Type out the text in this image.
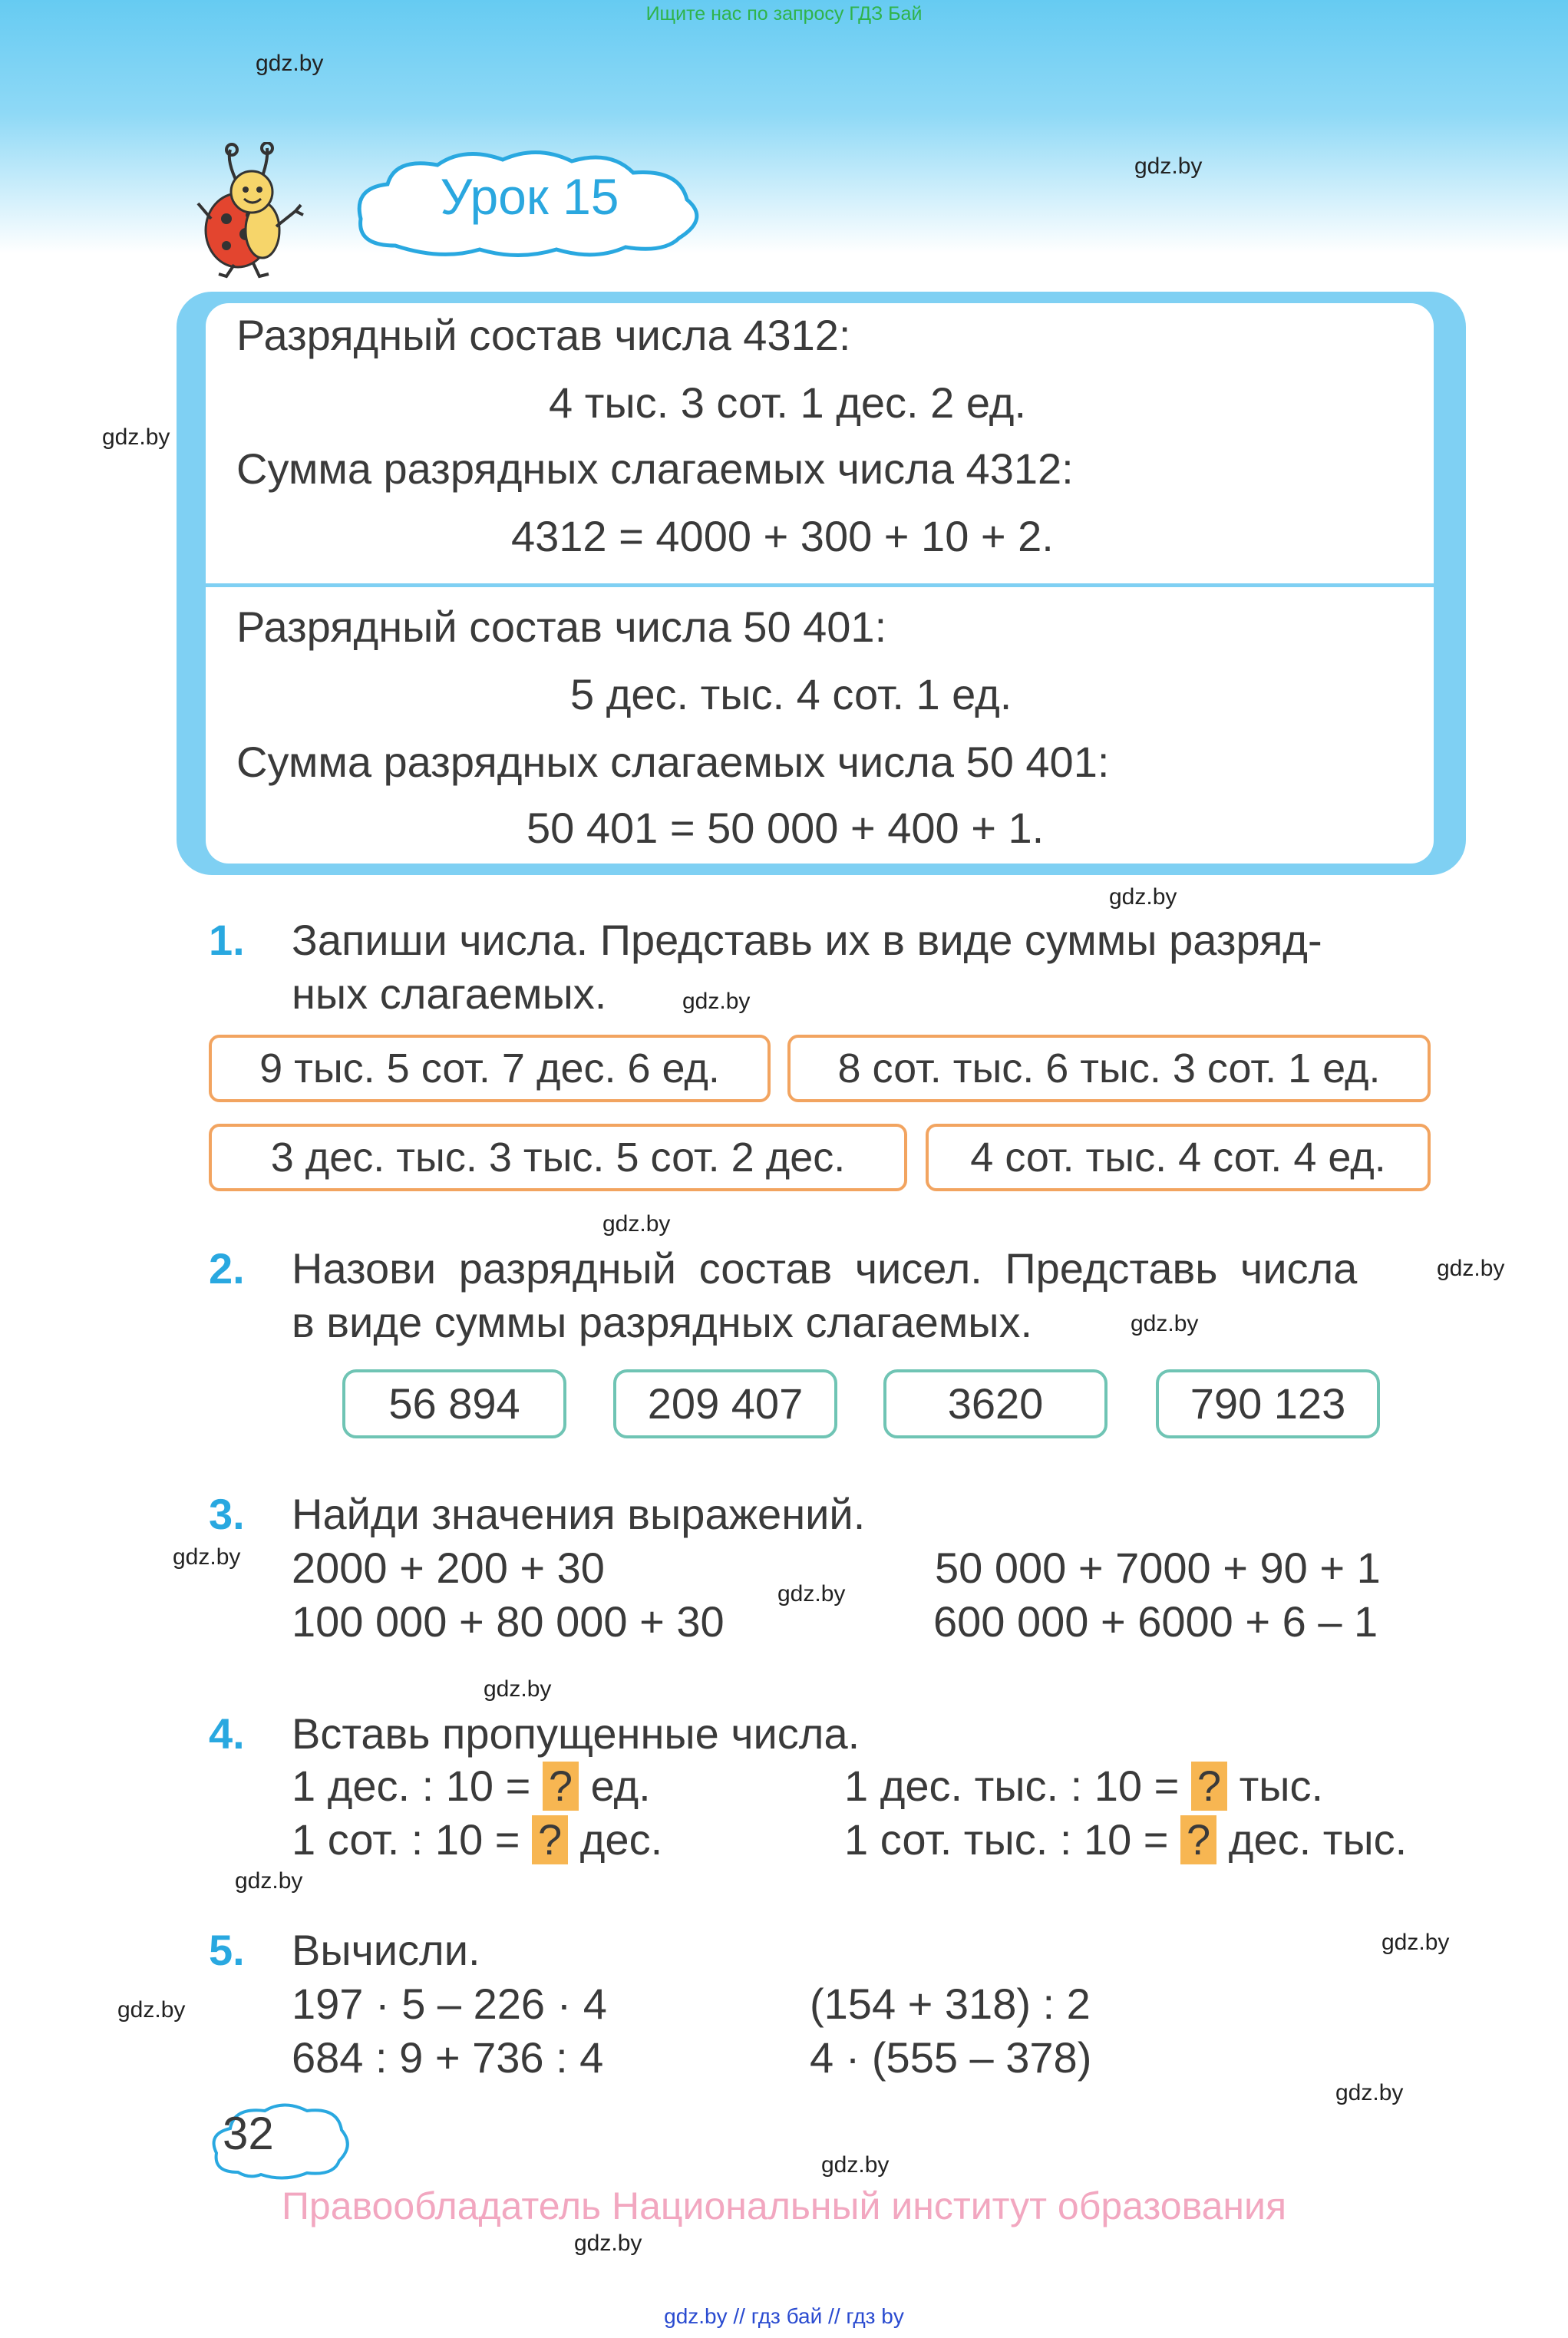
Ищите нас по запросу ГДЗ Бай
gdz.by
gdz.by
gdz.by
gdz.by
gdz.by
gdz.by
gdz.by
gdz.by
gdz.by
gdz.by
gdz.by
gdz.by
gdz.by
gdz.by
gdz.by
gdz.by
gdz.by
Урок 15
Разрядный состав числа 4312:
4 тыс. 3 сот. 1 дес. 2 ед.
Сумма разрядных слагаемых числа 4312:
4312 = 4000 + 300 + 10 + 2.
Разрядный состав числа 50 401:
5 дес. тыс. 4 сот. 1 ед.
Сумма разрядных слагаемых числа 50 401:
50 401 = 50 000 + 400 + 1.
1. Запиши числа. Представь их в виде суммы разряд-
ных слагаемых.
9 тыс. 5 сот. 7 дес. 6 ед.	8 сот. тыс. 6 тыс. 3 сот. 1 ед.
3 дес. тыс. 3 тыс. 5 сот. 2 дес.	4 сот. тыс. 4 сот. 4 ед.
2. Назови разрядный состав чисел. Представь числа
в виде суммы разрядных слагаемых.
56 894	209 407	3620	790 123
3. Найди значения выражений.
2000 + 200 + 30	50 000 + 7000 + 90 + 1
100 000 + 80 000 + 30	600 000 + 6000 + 6 – 1
4. Вставь пропущенные числа.
1 дес. : 10 = ? ед.	1 дес. тыс. : 10 = ? тыс.
1 сот. : 10 = ? дес.	1 сот. тыс. : 10 = ? дес. тыс.
5. Вычисли.
197 · 5 – 226 · 4	(154 + 318) : 2
684 : 9 + 736 : 4	4 · (555 – 378)
32
Правообладатель Национальный институт образования
gdz.by // гдз бай // гдз by
